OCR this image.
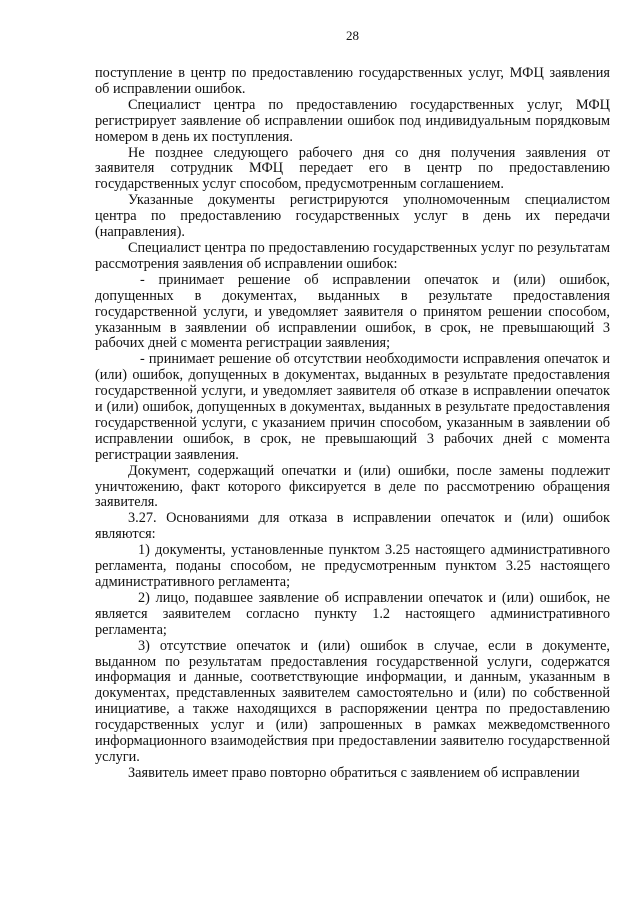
28

поступление в центр по предоставлению государственных услуг, МФЦ заявления об исправлении ошибок.

Специалист центра по предоставлению государственных услуг, МФЦ регистрирует заявление об исправлении ошибок под индивидуальным порядковым номером в день их поступления.

Не позднее следующего рабочего дня со дня получения заявления от заявителя сотрудник МФЦ передает его в центр по предоставлению государственных услуг способом, предусмотренным соглашением.

Указанные документы регистрируются уполномоченным специалистом центра по предоставлению государственных услуг в день их передачи (направления).

Специалист центра по предоставлению государственных услуг по результатам рассмотрения заявления об исправлении ошибок:

- принимает решение об исправлении опечаток и (или) ошибок, допущенных в документах, выданных в результате предоставления государственной услуги, и уведомляет заявителя о принятом решении способом, указанным в заявлении об исправлении ошибок, в срок, не превышающий 3 рабочих дней с момента регистрации заявления;

- принимает решение об отсутствии необходимости исправления опечаток и (или) ошибок, допущенных в документах, выданных в результате предоставления государственной услуги, и уведомляет заявителя об отказе в исправлении опечаток и (или) ошибок, допущенных в документах, выданных в результате предоставления государственной услуги, с указанием причин способом, указанным в заявлении об исправлении ошибок, в срок, не превышающий 3 рабочих дней с момента регистрации заявления.

Документ, содержащий опечатки и (или) ошибки, после замены подлежит уничтожению, факт которого фиксируется в деле по рассмотрению обращения заявителя.

3.27. Основаниями для отказа в исправлении опечаток и (или) ошибок являются:

1) документы, установленные пунктом 3.25 настоящего административного регламента, поданы способом, не предусмотренным пунктом 3.25 настоящего административного регламента;

2) лицо, подавшее заявление об исправлении опечаток и (или) ошибок, не является заявителем согласно пункту 1.2 настоящего административного регламента;

3) отсутствие опечаток и (или) ошибок в случае, если в документе, выданном по результатам предоставления государственной услуги, содержатся информация и данные, соответствующие информации, и данным, указанным в документах, представленных заявителем самостоятельно и (или) по собственной инициативе, а также находящихся в распоряжении центра по предоставлению государственных услуг и (или) запрошенных в рамках межведомственного информационного взаимодействия при предоставлении заявителю государственной услуги.

Заявитель имеет право повторно обратиться с заявлением об исправлении
